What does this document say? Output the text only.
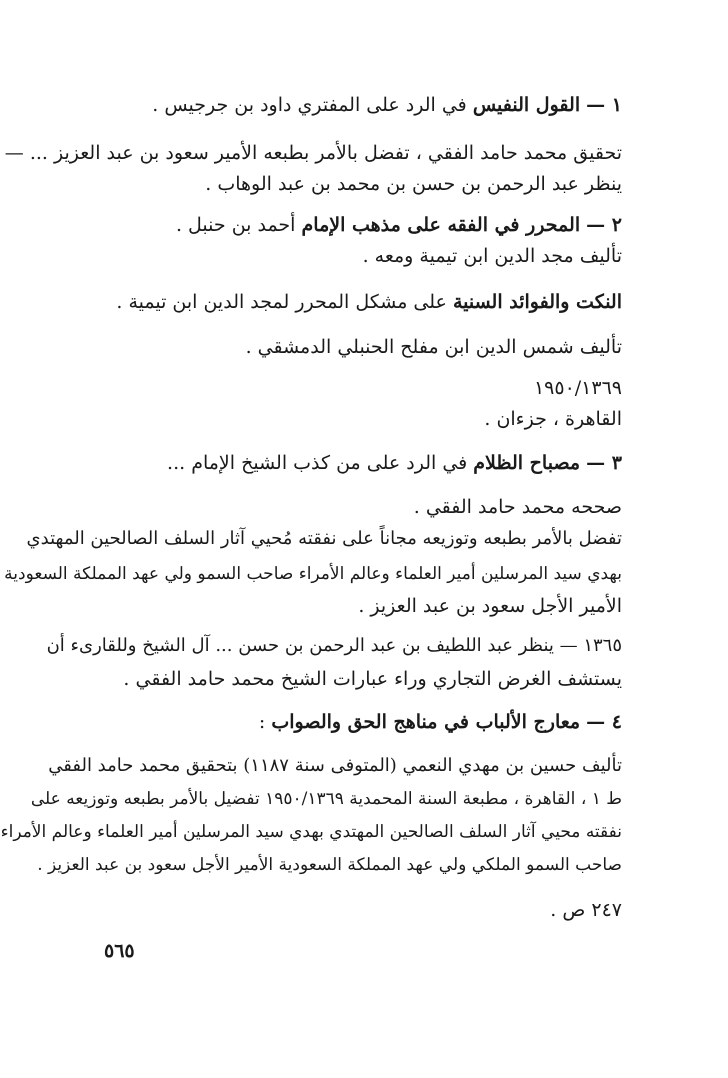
١ — القول النفيس في الرد على المفتري داود بن جرجيس .
تحقيق محمد حامد الفقي ، تفضل بالأمر بطبعه الأمير سعود بن عبد العزيز ... —
ينظر عبد الرحمن بن حسن بن محمد بن عبد الوهاب .
٢ — المحرر في الفقه على مذهب الإمام أحمد بن حنبل .
تأليف مجد الدين ابن تيمية ومعه .
النكت والفوائد السنية على مشكل المحرر لمجد الدين ابن تيمية .
تأليف شمس الدين ابن مفلح الحنبلي الدمشقي .
١٩٥٠/١٣٦٩
القاهرة ، جزءان .
٣ — مصباح الظلام في الرد على من كذب الشيخ الإمام ...
صححه محمد حامد الفقي .
تفضل بالأمر بطبعه وتوزيعه مجاناً على نفقته مُحيي آثار السلف الصالحين المهتدي
بهدي سيد المرسلين أمير العلماء وعالم الأمراء صاحب السمو ولي عهد المملكة السعودية
الأمير الأجل سعود بن عبد العزيز .
١٣٦٥ — ينظر عبد اللطيف بن عبد الرحمن بن حسن ... آل الشيخ وللقارىء أن
يستشف الغرض التجاري وراء عبارات الشيخ محمد حامد الفقي .
٤ — معارج الألباب في مناهج الحق والصواب :
تأليف حسين بن مهدي النعمي (المتوفى سنة ١١٨٧) بتحقيق محمد حامد الفقي
ط ١ ، القاهرة ، مطبعة السنة المحمدية ١٩٥٠/١٣٦٩ تفضيل بالأمر بطبعه وتوزيعه على
نفقته محيي آثار السلف الصالحين المهتدي بهدي سيد المرسلين أمير العلماء وعالم الأمراء
صاحب السمو الملكي ولي عهد المملكة السعودية الأمير الأجل سعود بن عبد العزيز .
٢٤٧ ص .
٥٦٥
